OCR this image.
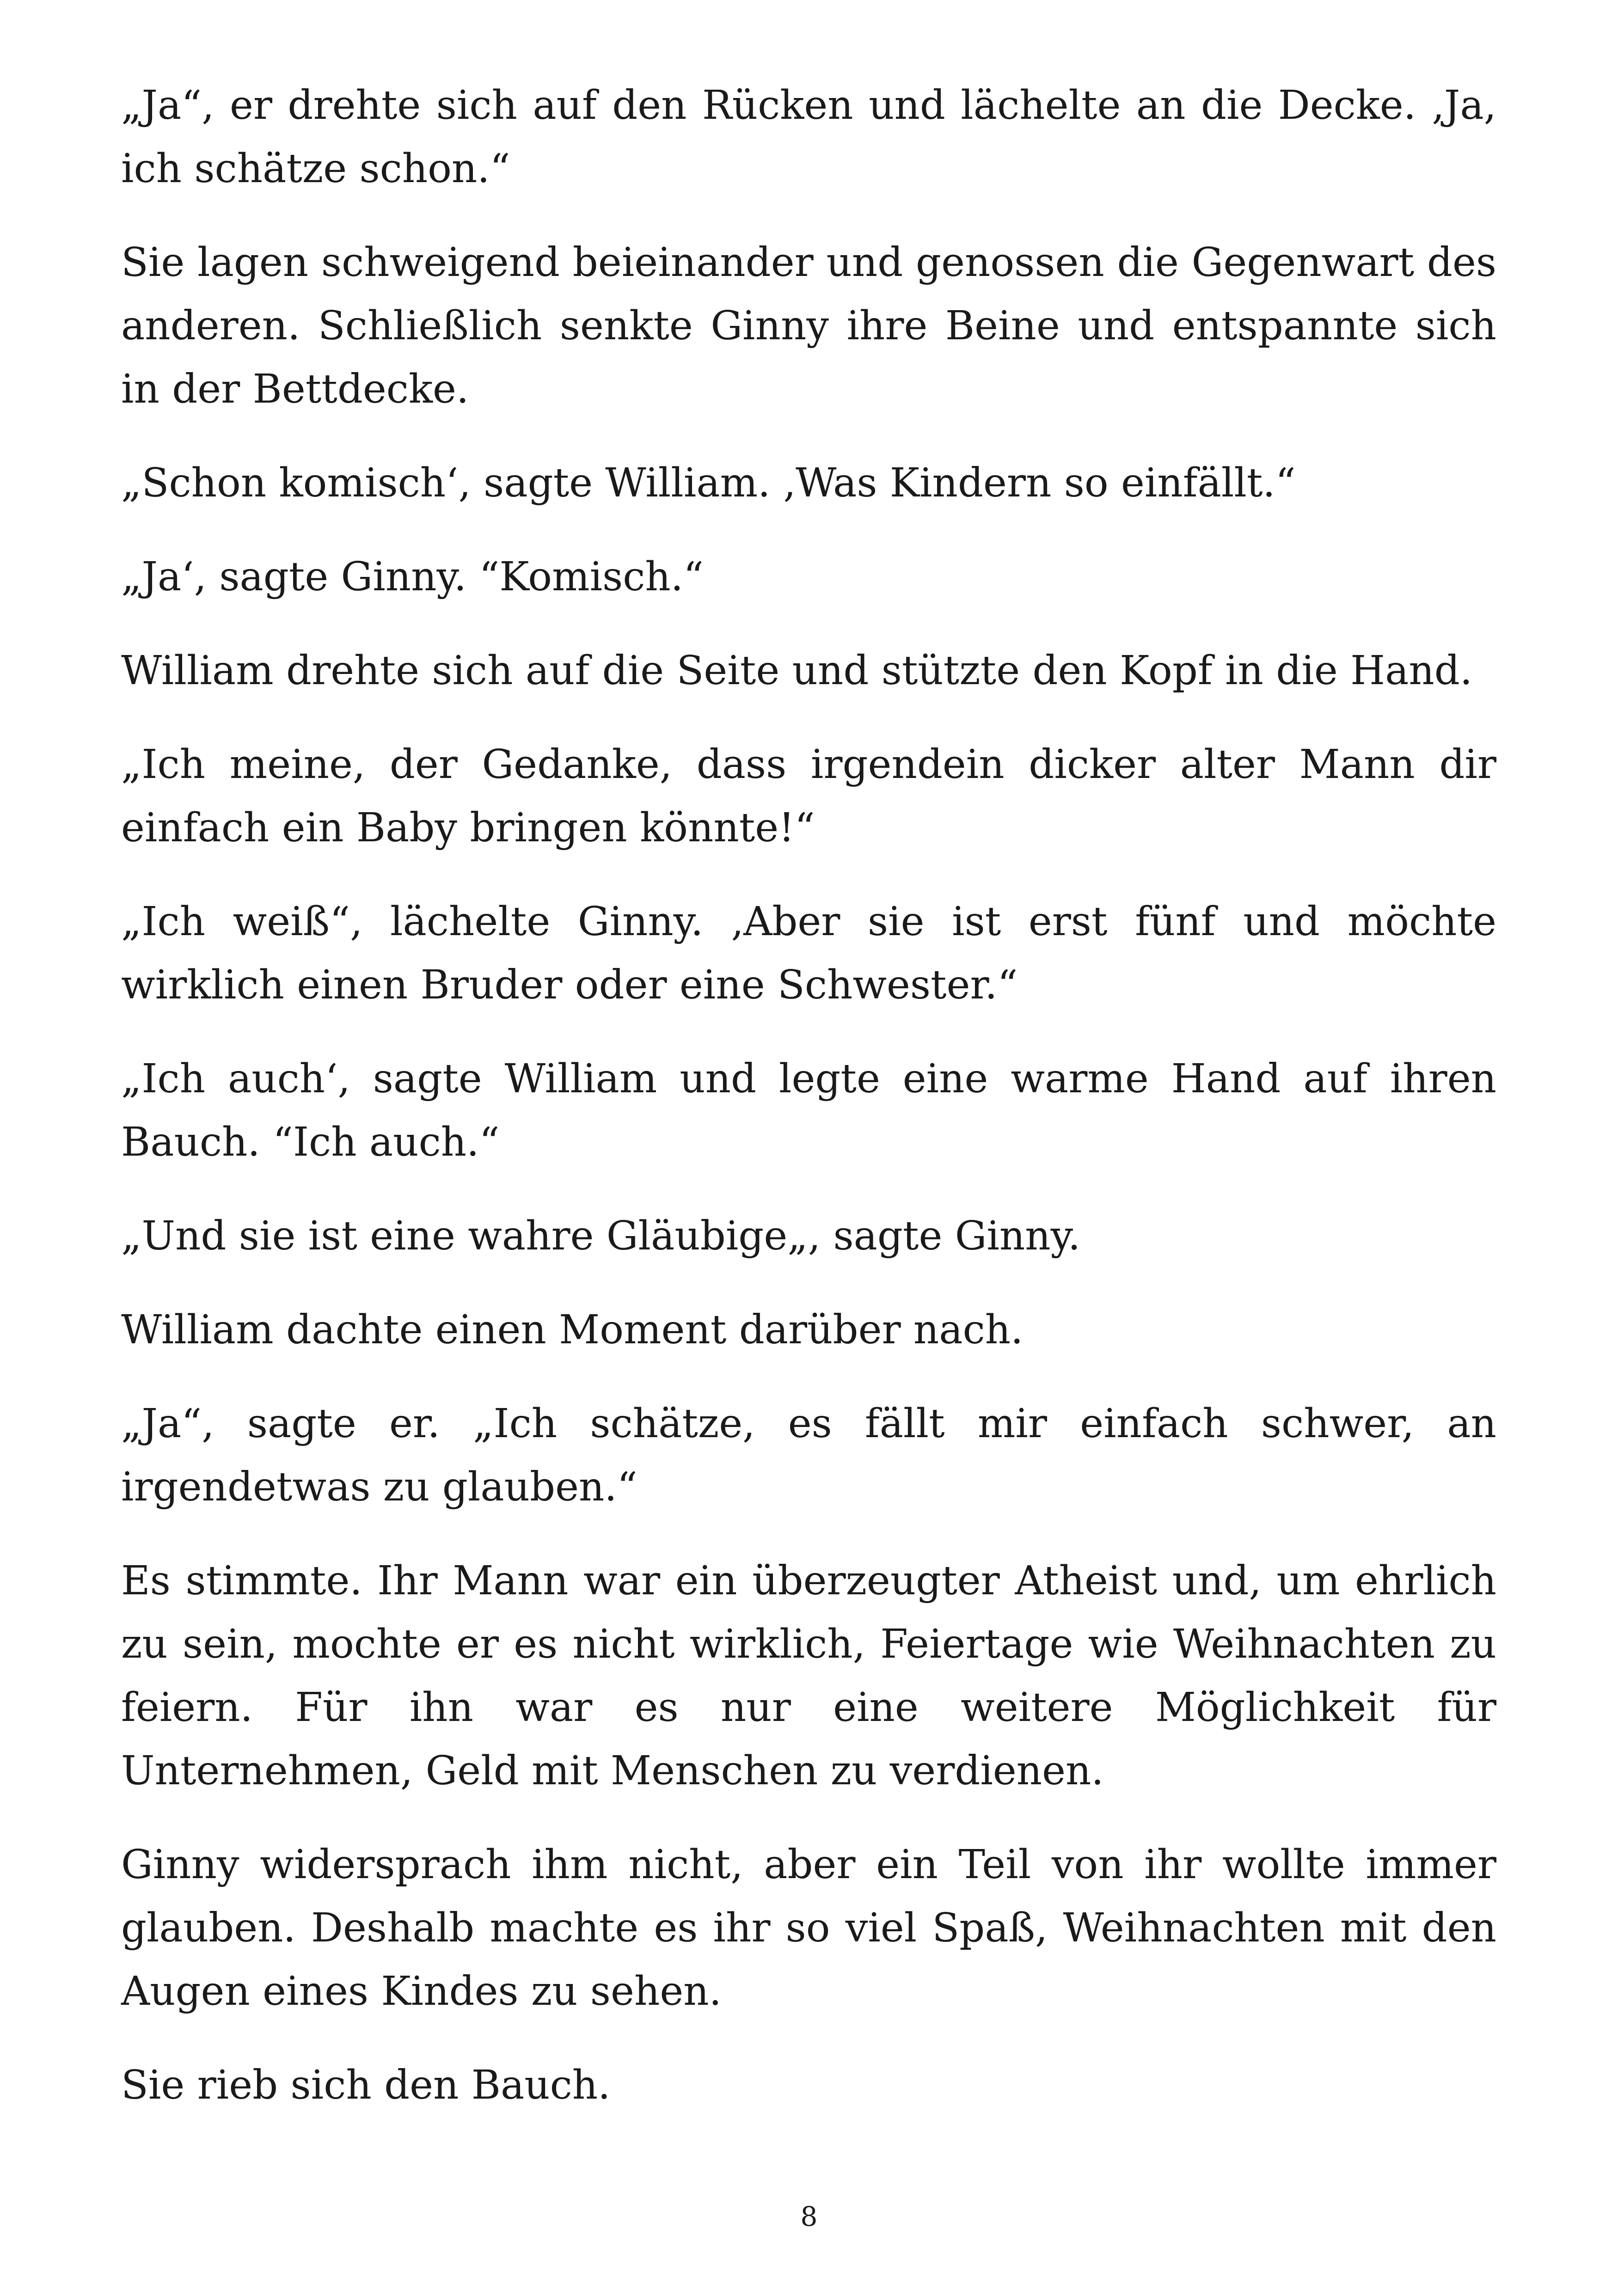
„Ja“, er drehte sich auf den Rücken und lächelte an die Decke. ‚Ja, ich schätze schon.“

Sie lagen schweigend beieinander und genossen die Gegenwart des anderen. Schließlich senkte Ginny ihre Beine und entspannte sich in der Bettdecke.

„Schon komisch‘, sagte William. ‚Was Kindern so einfällt.“

„Ja‘, sagte Ginny. “Komisch.“

William drehte sich auf die Seite und stützte den Kopf in die Hand.

„Ich meine, der Gedanke, dass irgendein dicker alter Mann dir einfach ein Baby bringen könnte!“

„Ich weiß“, lächelte Ginny. ‚Aber sie ist erst fünf und möchte wirklich einen Bruder oder eine Schwester.“

„Ich auch‘, sagte William und legte eine warme Hand auf ihren Bauch. “Ich auch.“

„Und sie ist eine wahre Gläubige„, sagte Ginny.

William dachte einen Moment darüber nach.

„Ja“, sagte er. „Ich schätze, es fällt mir einfach schwer, an irgendetwas zu glauben.“

Es stimmte. Ihr Mann war ein überzeugter Atheist und, um ehrlich zu sein, mochte er es nicht wirklich, Feiertage wie Weihnachten zu feiern. Für ihn war es nur eine weitere Möglichkeit für Unternehmen, Geld mit Menschen zu verdienen.

Ginny widersprach ihm nicht, aber ein Teil von ihr wollte immer glauben. Deshalb machte es ihr so viel Spaß, Weihnachten mit den Augen eines Kindes zu sehen.

Sie rieb sich den Bauch.

8
